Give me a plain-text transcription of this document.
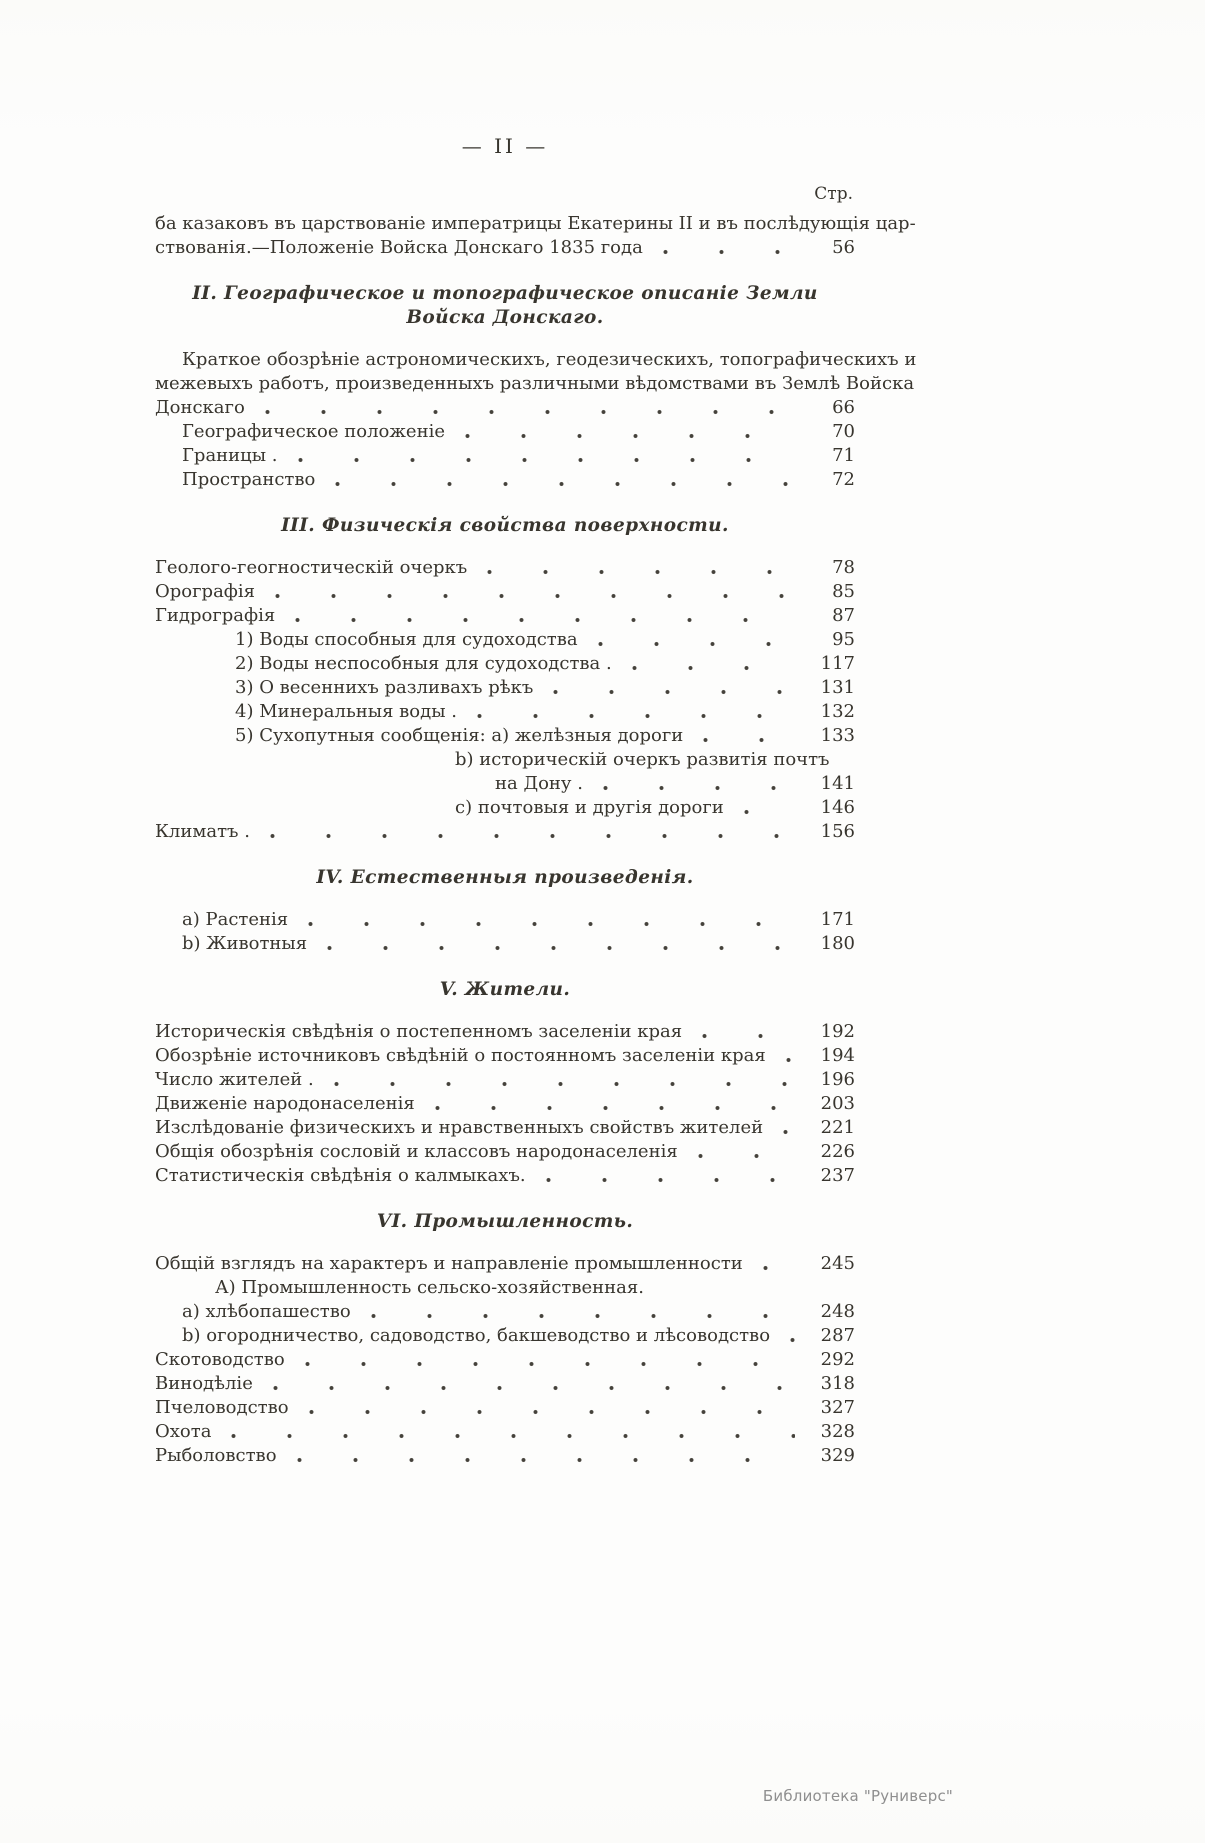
— II —
Стр.
ба казаковъ въ царствованіе императрицы Екатерины II и въ послѣдующія цар-
ствованія.—Положеніе Войска Донскаго 1835 года	56
II. Географическое и топографическое описаніе Земли Войска Донскаго.
Краткое обозрѣніе астрономическихъ, геодезическихъ, топографическихъ и
межевыхъ работъ, произведенныхъ различными вѣдомствами въ Землѣ Войска
Донскаго	66
Географическое положеніе	70
Границы .	71
Пространство	72
III. Физическія свойства поверхности.
Геолого-геогностическій очеркъ	78
Орографія	85
Гидрографія	87
1) Воды способныя для судоходства	95
2) Воды неспособныя для судоходства .	117
3) О весеннихъ разливахъ рѣкъ	131
4) Минеральныя воды .	132
5) Сухопутныя сообщенія: а) желѣзныя дороги	133
b) историческій очеркъ развитія почтъ
на Дону .	141
с) почтовыя и другія дороги	146
Климатъ .	156
IV. Естественныя произведенія.
а) Растенія	171
b) Животныя	180
V. Жители.
Историческія свѣдѣнія о постепенномъ заселеніи края	192
Обозрѣніе источниковъ свѣдѣній о постоянномъ заселеніи края	194
Число жителей .	196
Движеніе народонаселенія	203
Изслѣдованіе физическихъ и нравственныхъ свойствъ жителей	221
Общія обозрѣнія сословій и классовъ народонаселенія	226
Статистическія свѣдѣнія о калмыкахъ.	237
VI. Промышленность.
Общій взглядъ на характеръ и направленіе промышленности	245
А) Промышленность сельско-хозяйственная.
а) хлѣбопашество	248
b) огородничество, садоводство, бакшеводство и лѣсоводство	287
Скотоводство	292
Винодѣліе	318
Пчеловодство	327
Охота	328
Рыболовство	329
Библиотека "Руниверс"
